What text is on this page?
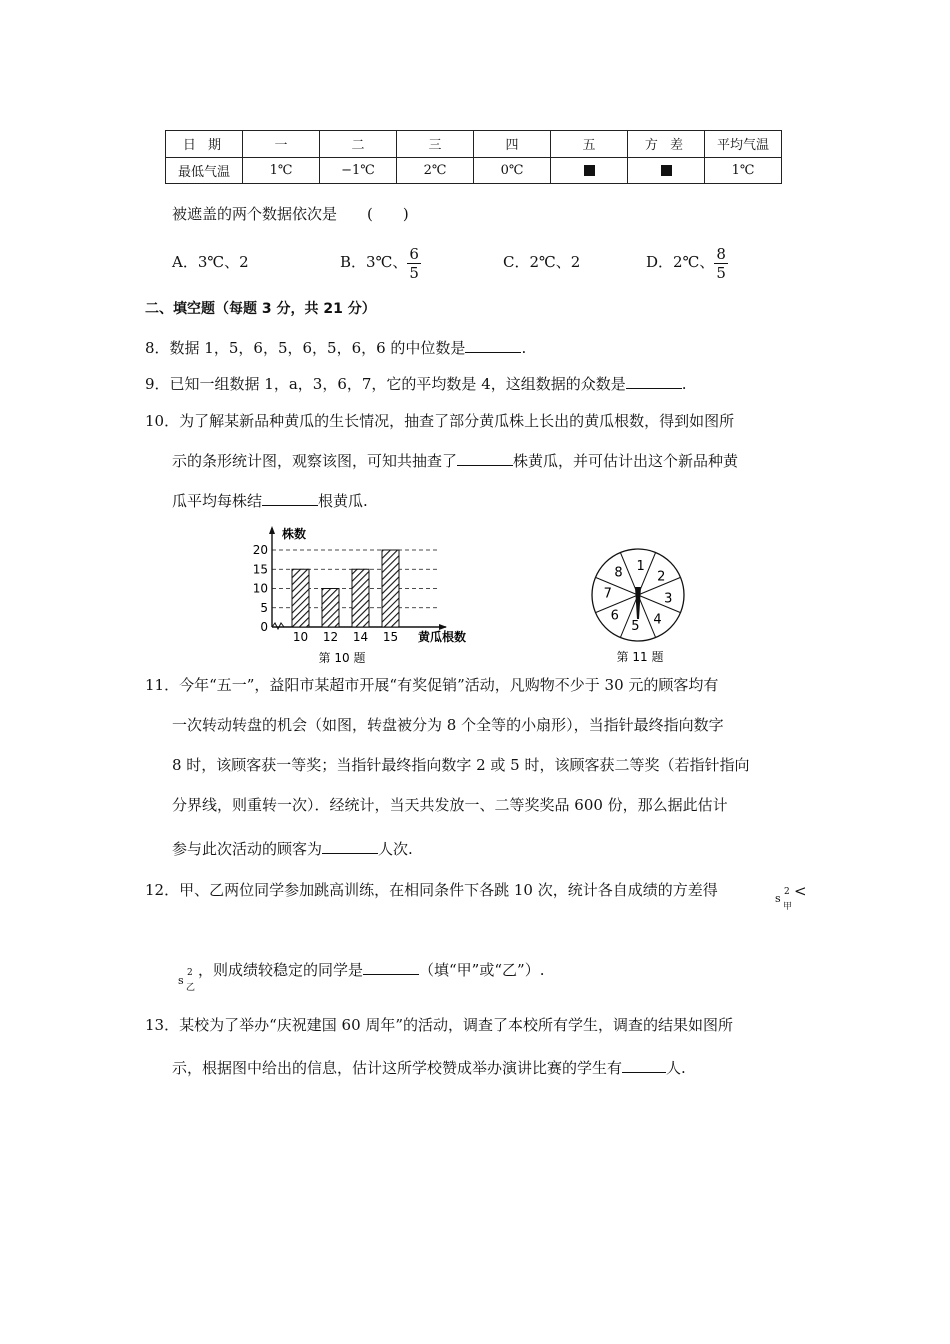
日 期	一	二	三	四	五	方 差	平均气温
最低气温	1℃	−1℃	2℃	0℃			1℃
被遮盖的两个数据依次是　　(　　)
A．3℃、2	B．3℃、 $\frac{6}{5}$	C．2℃、2	D．2℃、 $\frac{8}{5}$
二、填空题（每题 3 分，共 21 分）
8．数据 1，5，6，5，6，5，6，6 的中位数是	.
9．已知一组数据 1，a，3，6，7，它的平均数是 4，这组数据的众数是	.
10．为了解某新品种黄瓜的生长情况，抽查了部分黄瓜株上长出的黄瓜根数，得到如图所
示的条形统计图，观察该图，可知共抽查了	株黄瓜，并可估计出这个新品种黄
瓜平均每株结	根黄瓜.
0
5
10
15
20
株数
10 12 14 15 黄瓜根数
第 10 题
1
2
3
4
5
6
7
8
第 11 题
11．今年“五一”，益阳市某超市开展“有奖促销”活动，凡购物不少于 30 元的顾客均有
一次转动转盘的机会（如图，转盘被分为 8 个全等的小扇形），当指针最终指向数字
8 时，该顾客获一等奖；当指针最终指向数字 2 或 5 时，该顾客获二等奖（若指针指向
分界线，则重转一次）．经统计，当天共发放一、二等奖奖品 600 份，那么据此估计
参与此次活动的顾客为	人次.
12．甲、乙两位同学参加跳高训练，在相同条件下各跳 10 次，统计各自成绩的方差得	s 2
甲
<
s
2
乙
，则成绩较稳定的同学是	（填“甲”或“乙”）.
13．某校为了举办“庆祝建国 60 周年”的活动，调查了本校所有学生，调查的结果如图所
示，根据图中给出的信息，估计这所学校赞成举办演讲比赛的学生有	人.
